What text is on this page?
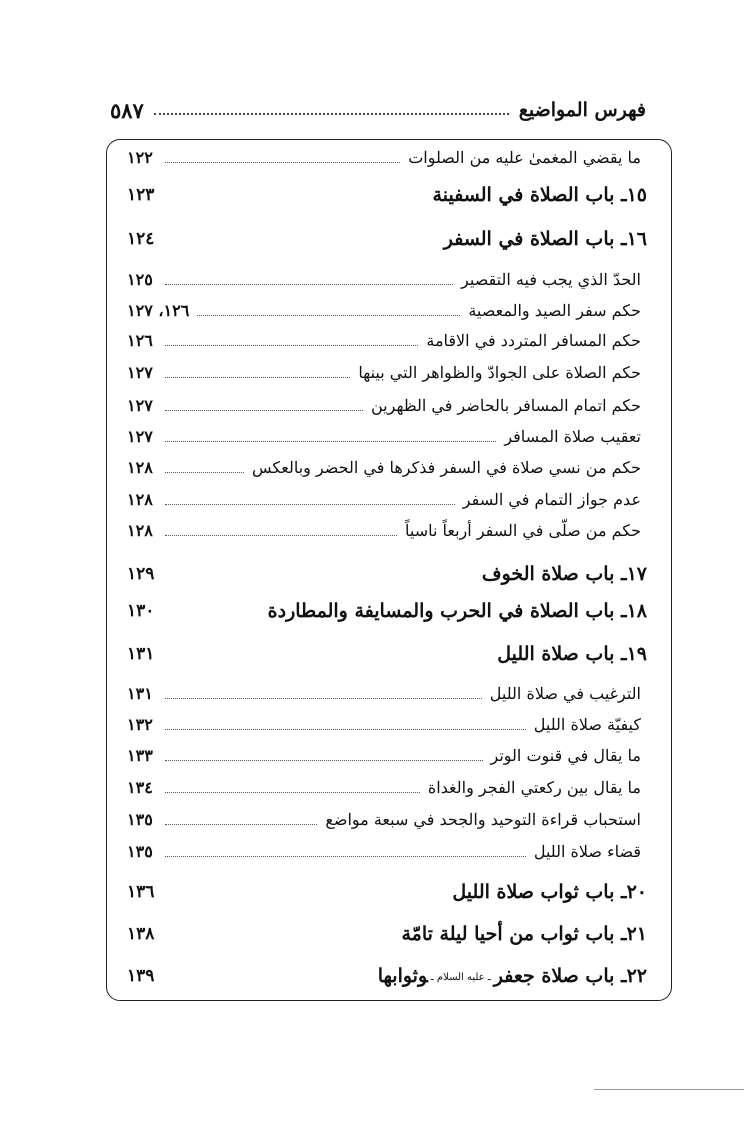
فهرس المواضيع
٥٨٧
ما يقضي المغمىٰ عليه من الصلوات
١٢٢
١٥ـ باب الصلاة في السفينة
١٢٣
١٦ـ باب الصلاة في السفر
١٢٤
الحدّ الذي يجب فيه التقصير
١٢٥
حكم سفر الصيد والمعصية
١٢٦، ١٢٧
حكم المسافر المتردد في الاقامة
١٢٦
حكم الصلاة على الجوادّ والظواهر التي بينها
١٢٧
حكم اتمام المسافر بالحاضر في الظهرين
١٢٧
تعقيب صلاة المسافر
١٢٧
حكم من نسي صلاة في السفر فذكرها في الحضر وبالعكس
١٢٨
عدم جواز التمام في السفر
١٢٨
حكم من صلّى في السفر أربعاً ناسياً
١٢٨
١٧ـ باب صلاة الخوف
١٢٩
١٨ـ باب الصلاة في الحرب والمسايفة والمطاردة
١٣٠
١٩ـ باب صلاة الليل
١٣١
الترغيب في صلاة الليل
١٣١
كيفيّة صلاة الليل
١٣٢
ما يقال في قنوت الوتر
١٣٣
ما يقال بين ركعتي الفجر والغداة
١٣٤
استحباب قراءة التوحيد والجحد في سبعة مواضع
١٣٥
قضاء صلاة الليل
١٣٥
٢٠ـ باب ثواب صلاة الليل
١٣٦
٢١ـ باب ثواب من أحيا ليلة تامّة
١٣٨
٢٢ـ باب صلاة جعفرـ عليه السلام ـوثوابها
١٣٩
